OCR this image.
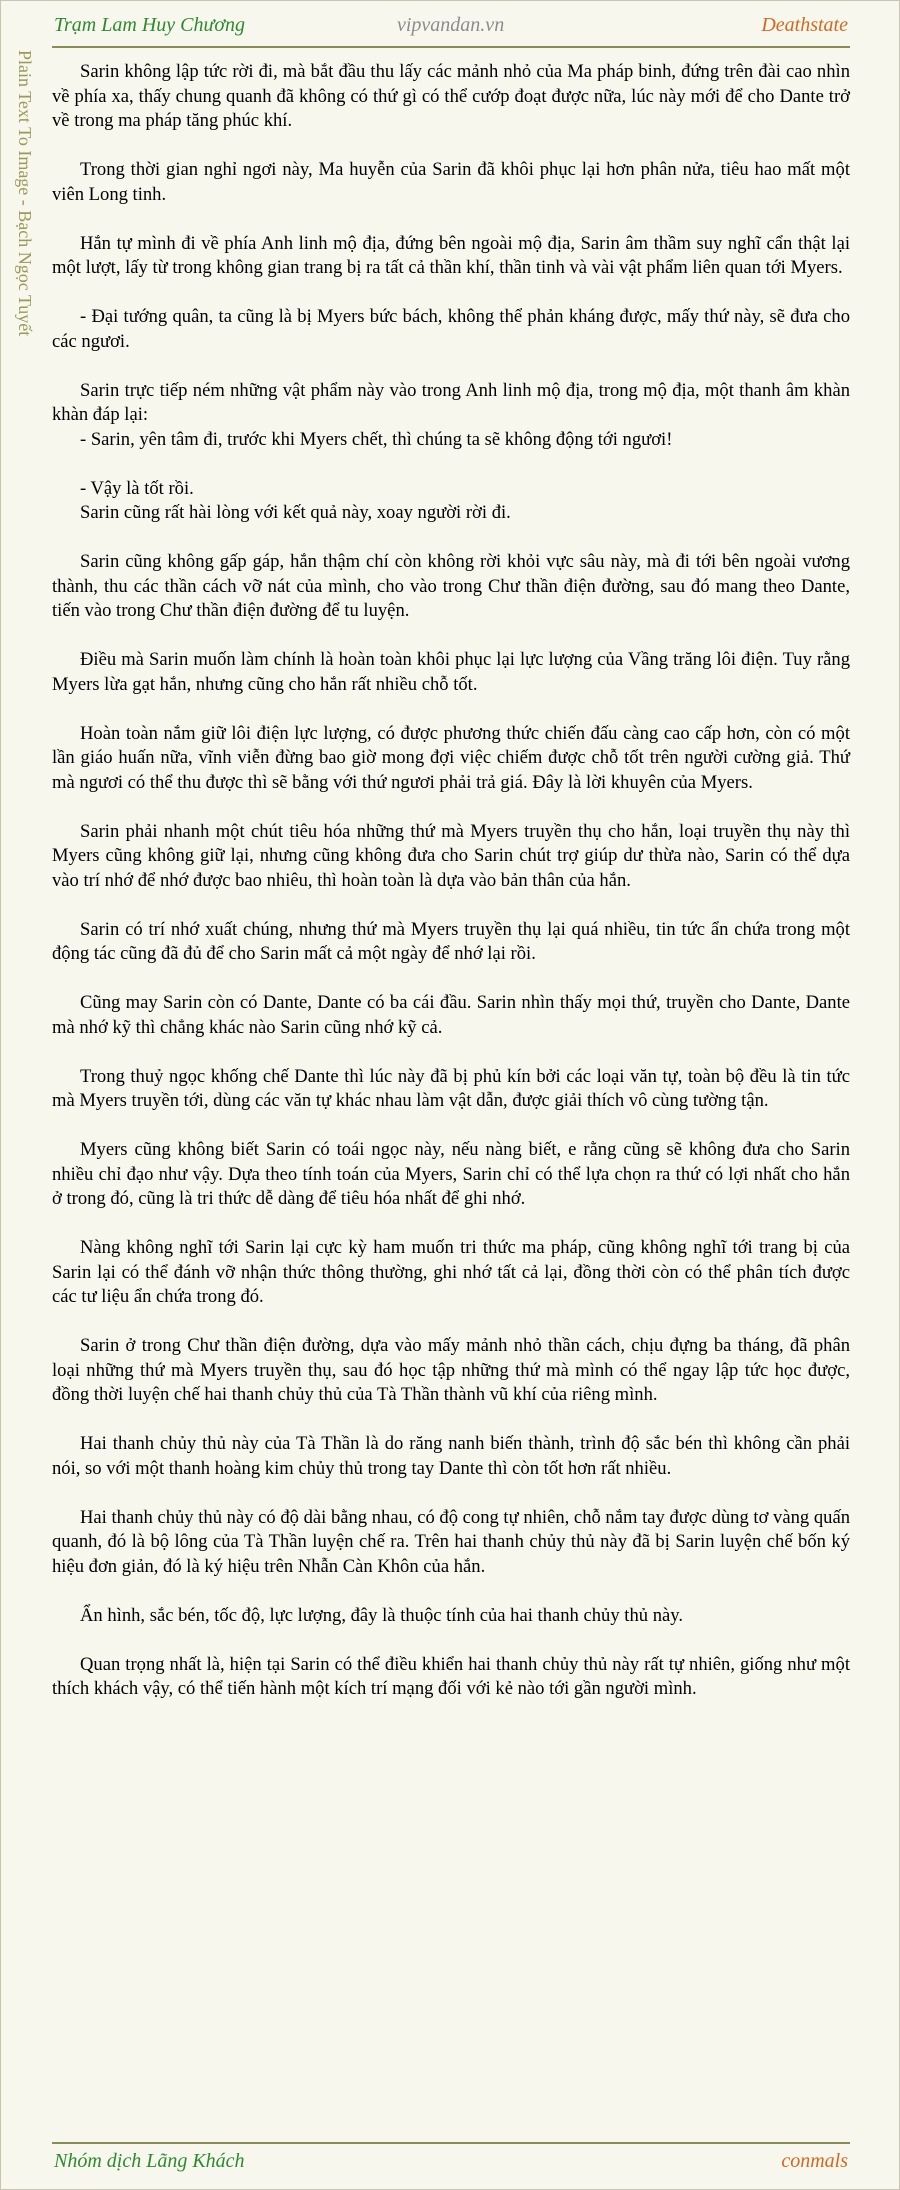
Trạm Lam Huy Chương	vipvandan.vn	Deathstate
Plain Text To Image - Bạch Ngọc Tuyết	Sarin không lập tức rời đi, mà bắt đầu thu lấy các mảnh nhỏ của Ma pháp binh, đứng trên đài cao nhìn về phía xa, thấy chung quanh đã không có thứ gì có thể cướp đoạt được nữa, lúc này mới để cho Dante trở về trong ma pháp tăng phúc khí.

Trong thời gian nghỉ ngơi này, Ma huyễn của Sarin đã khôi phục lại hơn phân nửa, tiêu hao mất một viên Long tinh.

Hắn tự mình đi về phía Anh linh mộ địa, đứng bên ngoài mộ địa, Sarin âm thầm suy nghĩ cẩn thật lại một lượt, lấy từ trong không gian trang bị ra tất cả thần khí, thần tinh và vài vật phẩm liên quan tới Myers.

- Đại tướng quân, ta cũng là bị Myers bức bách, không thể phản kháng được, mấy thứ này, sẽ đưa cho các ngươi.

Sarin trực tiếp ném những vật phẩm này vào trong Anh linh mộ địa, trong mộ địa, một thanh âm khàn khàn đáp lại:

- Sarin, yên tâm đi, trước khi Myers chết, thì chúng ta sẽ không động tới ngươi!

- Vậy là tốt rồi.

Sarin cũng rất hài lòng với kết quả này, xoay người rời đi.

Sarin cũng không gấp gáp, hắn thậm chí còn không rời khỏi vực sâu này, mà đi tới bên ngoài vương thành, thu các thần cách vỡ nát của mình, cho vào trong Chư thần điện đường, sau đó mang theo Dante, tiến vào trong Chư thần điện đường để tu luyện.

Điều mà Sarin muốn làm chính là hoàn toàn khôi phục lại lực lượng của Vầng trăng lôi điện. Tuy rằng Myers lừa gạt hắn, nhưng cũng cho hắn rất nhiều chỗ tốt.

Hoàn toàn nắm giữ lôi điện lực lượng, có được phương thức chiến đấu càng cao cấp hơn, còn có một lần giáo huấn nữa, vĩnh viễn đừng bao giờ mong đợi việc chiếm được chỗ tốt trên người cường giả. Thứ mà ngươi có thể thu được thì sẽ bằng với thứ ngươi phải trả giá. Đây là lời khuyên của Myers.

Sarin phải nhanh một chút tiêu hóa những thứ mà Myers truyền thụ cho hắn, loại truyền thụ này thì Myers cũng không giữ lại, nhưng cũng không đưa cho Sarin chút trợ giúp dư thừa nào, Sarin có thể dựa vào trí nhớ để nhớ được bao nhiêu, thì hoàn toàn là dựa vào bản thân của hắn.

Sarin có trí nhớ xuất chúng, nhưng thứ mà Myers truyền thụ lại quá nhiều, tin tức ẩn chứa trong một động tác cũng đã đủ để cho Sarin mất cả một ngày để nhớ lại rồi.

Cũng may Sarin còn có Dante, Dante có ba cái đầu. Sarin nhìn thấy mọi thứ, truyền cho Dante, Dante mà nhớ kỹ thì chẳng khác nào Sarin cũng nhớ kỹ cả.

Trong thuỷ ngọc khống chế Dante thì lúc này đã bị phủ kín bởi các loại văn tự, toàn bộ đều là tin tức mà Myers truyền tới, dùng các văn tự khác nhau làm vật dẫn, được giải thích vô cùng tường tận.

Myers cũng không biết Sarin có toái ngọc này, nếu nàng biết, e rằng cũng sẽ không đưa cho Sarin nhiều chỉ đạo như vậy. Dựa theo tính toán của Myers, Sarin chỉ có thể lựa chọn ra thứ có lợi nhất cho hắn ở trong đó, cũng là tri thức dễ dàng để tiêu hóa nhất để ghi nhớ.

Nàng không nghĩ tới Sarin lại cực kỳ ham muốn tri thức ma pháp, cũng không nghĩ tới trang bị của Sarin lại có thể đánh vỡ nhận thức thông thường, ghi nhớ tất cả lại, đồng thời còn có thể phân tích được các tư liệu ẩn chứa trong đó.

Sarin ở trong Chư thần điện đường, dựa vào mấy mảnh nhỏ thần cách, chịu đựng ba tháng, đã phân loại những thứ mà Myers truyền thụ, sau đó học tập những thứ mà mình có thể ngay lập tức học được, đồng thời luyện chế hai thanh chủy thủ của Tà Thần thành vũ khí của riêng mình.

Hai thanh chủy thủ này của Tà Thần là do răng nanh biến thành, trình độ sắc bén thì không cần phải nói, so với một thanh hoàng kim chủy thủ trong tay Dante thì còn tốt hơn rất nhiều.

Hai thanh chủy thủ này có độ dài bằng nhau, có độ cong tự nhiên, chỗ nắm tay được dùng tơ vàng quấn quanh, đó là bộ lông của Tà Thần luyện chế ra. Trên hai thanh chủy thủ này đã bị Sarin luyện chế bốn ký hiệu đơn giản, đó là ký hiệu trên Nhẫn Càn Khôn của hắn.

Ẩn hình, sắc bén, tốc độ, lực lượng, đây là thuộc tính của hai thanh chủy thủ này.

Quan trọng nhất là, hiện tại Sarin có thể điều khiển hai thanh chủy thủ này rất tự nhiên, giống như một thích khách vậy, có thể tiến hành một kích trí mạng đối với kẻ nào tới gần người mình.

Nhóm dịch Lãng Khách	conmals
